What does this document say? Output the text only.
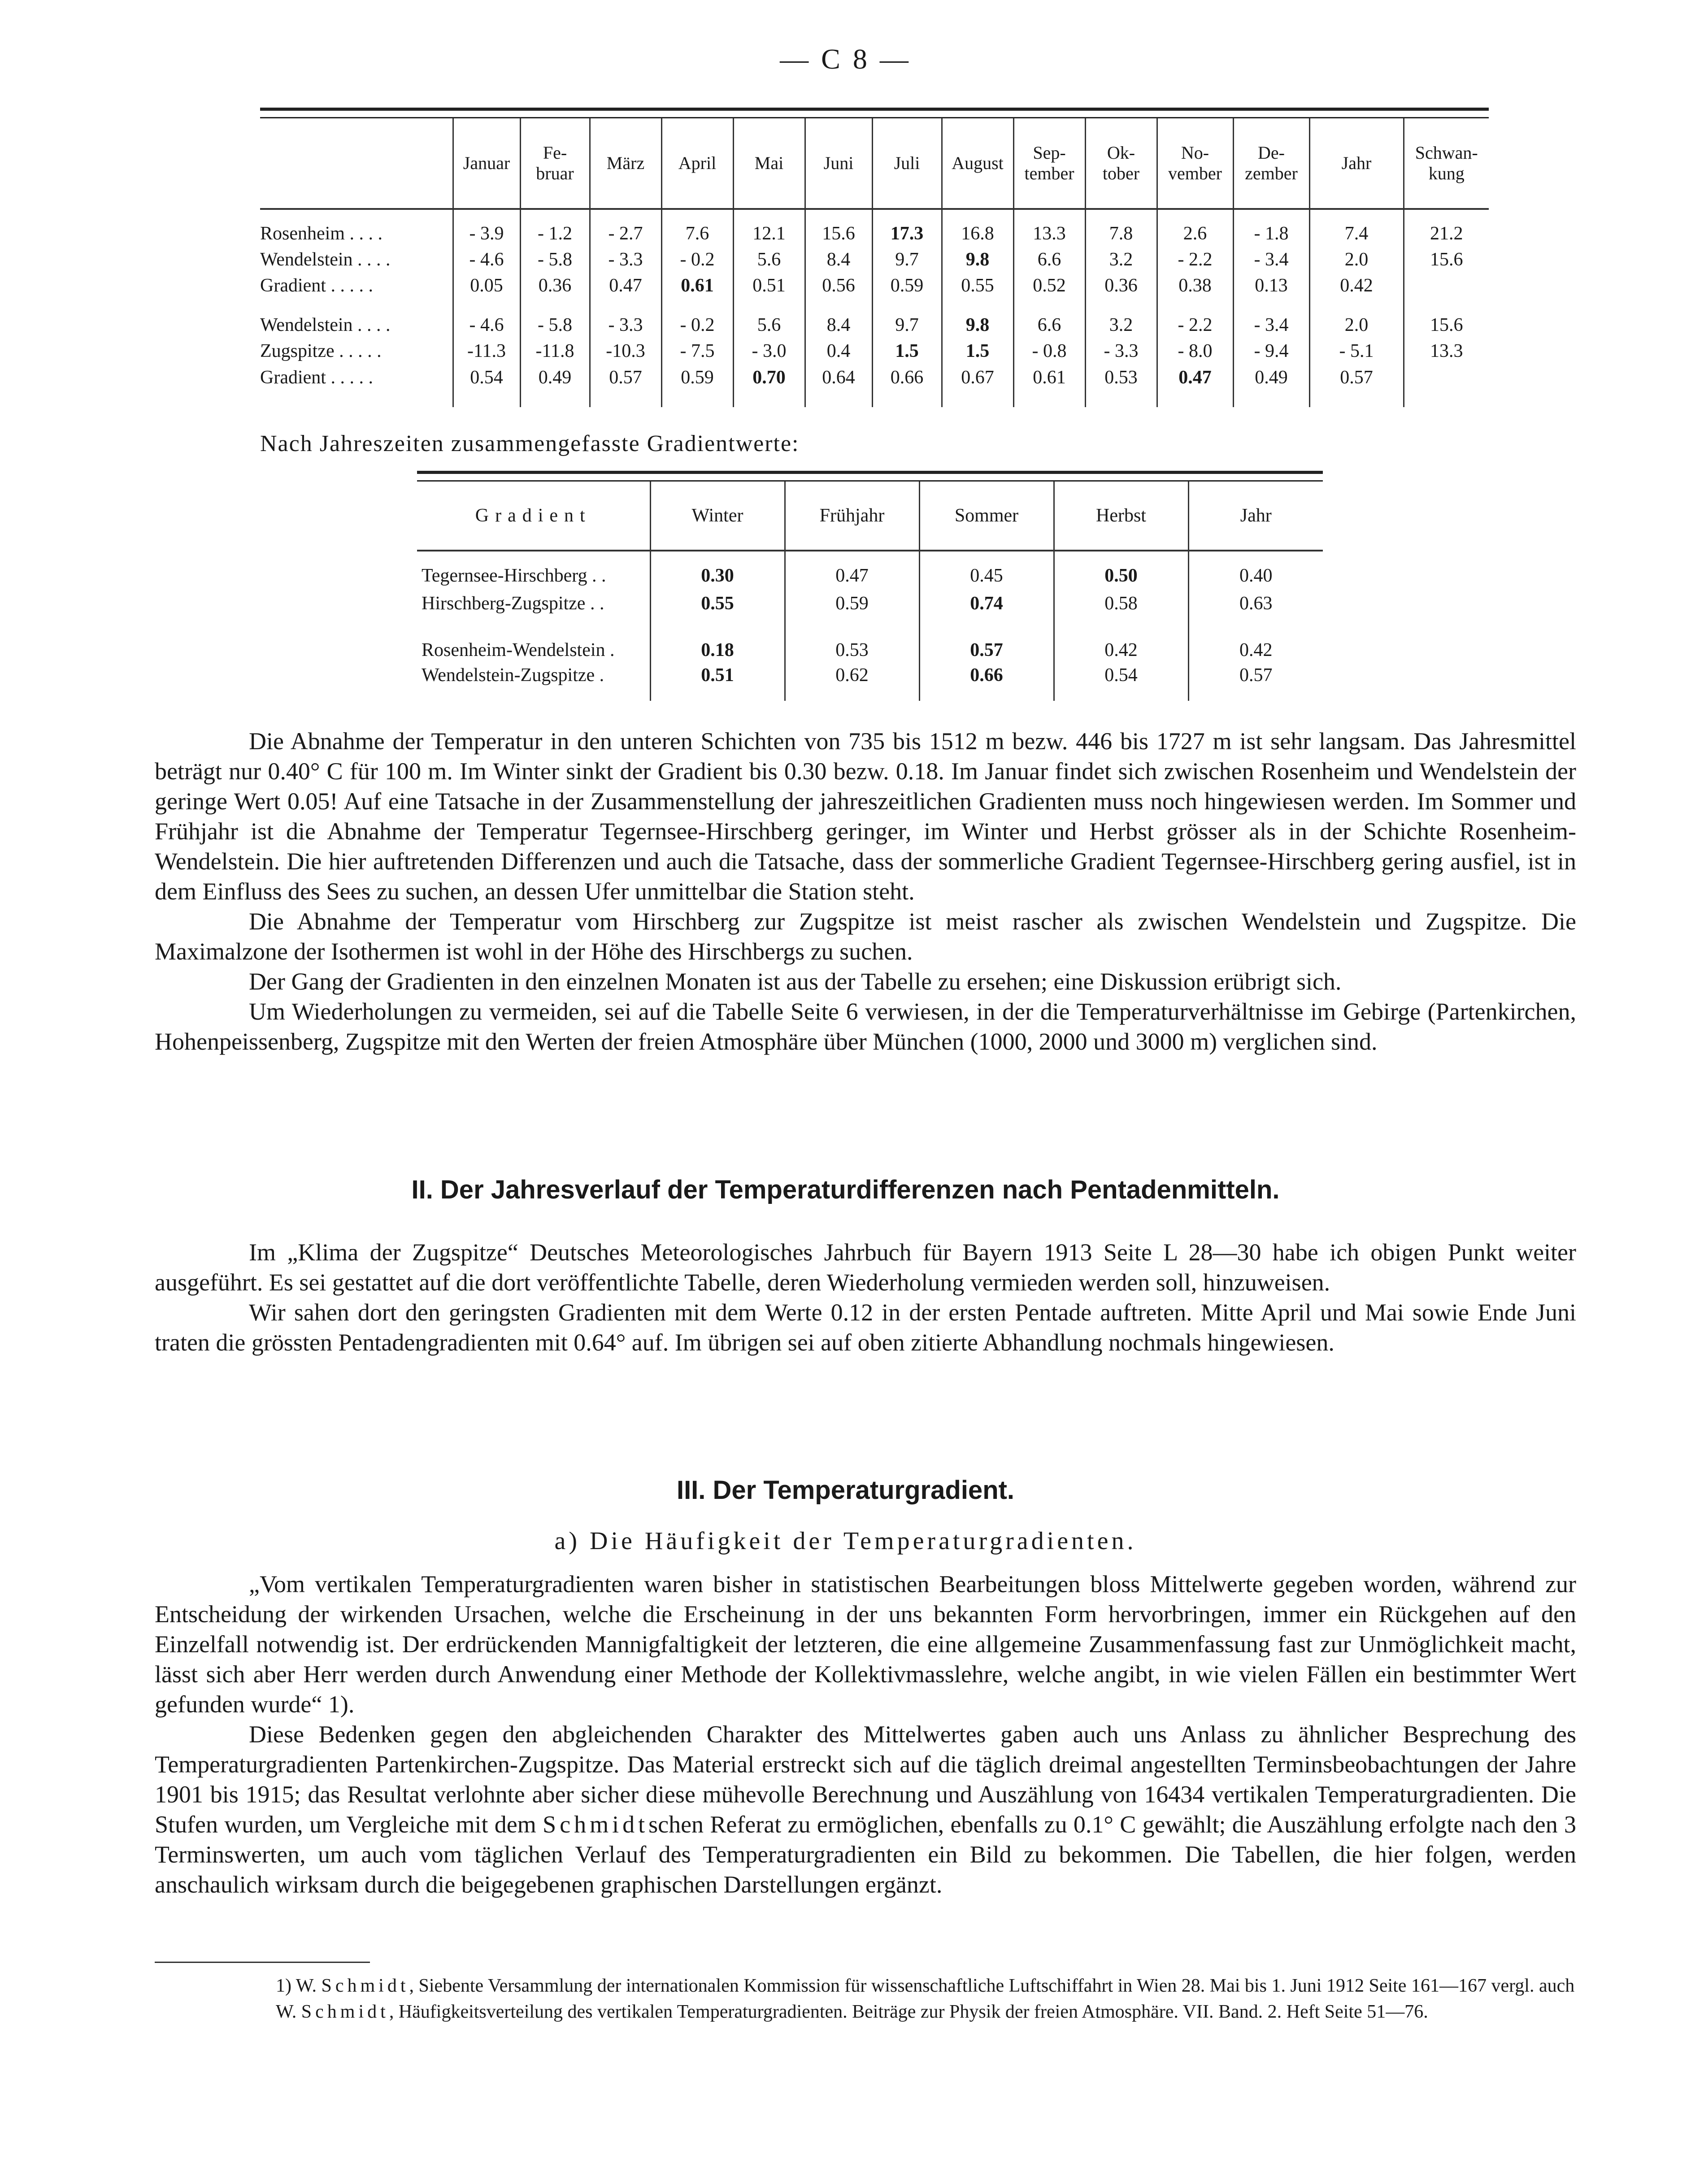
— C 8 —
	Januar	Fe-
bruar	März	April	Mai	Juni	Juli	August	Sep-
tember	Ok-
tober	No-
vember	De-
zember	Jahr	Schwan-
kung
Rosenheim . . . .	- 3.9	- 1.2	- 2.7	7.6	12.1	15.6	17.3	16.8	13.3	7.8	2.6	- 1.8	7.4	21.2
Wendelstein . . . .	- 4.6	- 5.8	- 3.3	- 0.2	5.6	8.4	9.7	9.8	6.6	3.2	- 2.2	- 3.4	2.0	15.6
Gradient . . . . .	0.05	0.36	0.47	0.61	0.51	0.56	0.59	0.55	0.52	0.36	0.38	0.13	0.42	

Wendelstein . . . .	- 4.6	- 5.8	- 3.3	- 0.2	5.6	8.4	9.7	9.8	6.6	3.2	- 2.2	- 3.4	2.0	15.6
Zugspitze . . . . .	-11.3	-11.8	-10.3	- 7.5	- 3.0	0.4	1.5	1.5	- 0.8	- 3.3	- 8.0	- 9.4	- 5.1	13.3
Gradient . . . . .	0.54	0.49	0.57	0.59	0.70	0.64	0.66	0.67	0.61	0.53	0.47	0.49	0.57	
Nach Jahreszeiten zusammengefasste Gradientwerte:
Gradient	Winter	Frühjahr	Sommer	Herbst	Jahr
Tegernsee-Hirschberg . .	0.30	0.47	0.45	0.50	0.40
Hirschberg-Zugspitze . .	0.55	0.59	0.74	0.58	0.63

Rosenheim-Wendelstein .	0.18	0.53	0.57	0.42	0.42
Wendelstein-Zugspitze .	0.51	0.62	0.66	0.54	0.57

Die Abnahme der Temperatur in den unteren Schichten von 735 bis 1512 m bezw. 446 bis 1727 m ist sehr langsam. Das Jahresmittel beträgt nur 0.40° C für 100 m. Im Winter sinkt der Gradient bis 0.30 bezw. 0.18. Im Januar findet sich zwischen Rosenheim und Wendelstein der geringe Wert 0.05! Auf eine Tatsache in der Zusammenstellung der jahreszeitlichen Gradienten muss noch hingewiesen werden. Im Sommer und Frühjahr ist die Abnahme der Temperatur Tegernsee-Hirschberg geringer, im Winter und Herbst grösser als in der Schichte Rosenheim-Wendelstein. Die hier auftretenden Differenzen und auch die Tatsache, dass der sommerliche Gradient Tegernsee-Hirschberg gering ausfiel, ist in dem Einfluss des Sees zu suchen, an dessen Ufer unmittelbar die Station steht.

Die Abnahme der Temperatur vom Hirschberg zur Zugspitze ist meist rascher als zwischen Wendelstein und Zugspitze. Die Maximalzone der Isothermen ist wohl in der Höhe des Hirschbergs zu suchen.

Der Gang der Gradienten in den einzelnen Monaten ist aus der Tabelle zu ersehen; eine Diskussion erübrigt sich.

Um Wiederholungen zu vermeiden, sei auf die Tabelle Seite 6 verwiesen, in der die Temperaturverhältnisse im Gebirge (Partenkirchen, Hohenpeissenberg, Zugspitze mit den Werten der freien Atmosphäre über München (1000, 2000 und 3000 m) verglichen sind.

II. Der Jahresverlauf der Temperaturdifferenzen nach Pentadenmitteln.

Im „Klima der Zugspitze“ Deutsches Meteorologisches Jahrbuch für Bayern 1913 Seite L 28—30 habe ich obigen Punkt weiter ausgeführt. Es sei gestattet auf die dort veröffentlichte Tabelle, deren Wiederholung vermieden werden soll, hinzuweisen.

Wir sahen dort den geringsten Gradienten mit dem Werte 0.12 in der ersten Pentade auftreten. Mitte April und Mai sowie Ende Juni traten die grössten Pentadengradienten mit 0.64° auf. Im übrigen sei auf oben zitierte Abhandlung nochmals hingewiesen.

III. Der Temperaturgradient.
a) Die Häufigkeit der Temperaturgradienten.

„Vom vertikalen Temperaturgradienten waren bisher in statistischen Bearbeitungen bloss Mittelwerte gegeben worden, während zur Entscheidung der wirkenden Ursachen, welche die Erscheinung in der uns bekannten Form hervorbringen, immer ein Rückgehen auf den Einzelfall notwendig ist. Der erdrückenden Mannigfaltigkeit der letzteren, die eine allgemeine Zusammenfassung fast zur Unmöglichkeit macht, lässt sich aber Herr werden durch Anwendung einer Methode der Kollektivmasslehre, welche angibt, in wie vielen Fällen ein bestimmter Wert gefunden wurde“ 1).

Diese Bedenken gegen den abgleichenden Charakter des Mittelwertes gaben auch uns Anlass zu ähnlicher Besprechung des Temperaturgradienten Partenkirchen-Zugspitze. Das Material erstreckt sich auf die täglich dreimal angestellten Terminsbeobachtungen der Jahre 1901 bis 1915; das Resultat verlohnte aber sicher diese mühevolle Berechnung und Auszählung von 16434 vertikalen Temperaturgradienten. Die Stufen wurden, um Vergleiche mit dem Schmidtschen Referat zu ermöglichen, ebenfalls zu 0.1° C gewählt; die Auszählung erfolgte nach den 3 Terminswerten, um auch vom täglichen Verlauf des Temperaturgradienten ein Bild zu bekommen. Die Tabellen, die hier folgen, werden anschaulich wirksam durch die beigegebenen graphischen Darstellungen ergänzt.

1) W. Schmidt, Siebente Versammlung der internationalen Kommission für wissenschaftliche Luftschiffahrt in Wien 28. Mai bis 1. Juni 1912 Seite 161—167 vergl. auch

W. Schmidt, Häufigkeitsverteilung des vertikalen Temperaturgradienten. Beiträge zur Physik der freien Atmosphäre. VII. Band. 2. Heft Seite 51—76.
